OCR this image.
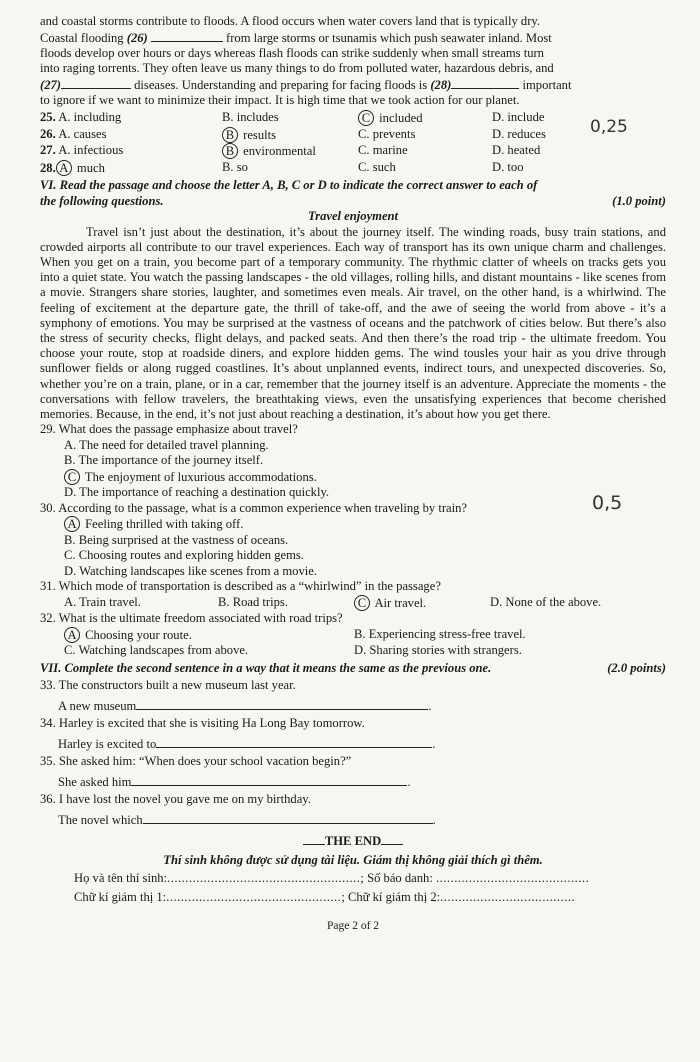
and coastal storms contribute to floods. A flood occurs when water covers land that is typically dry.

Coastal flooding (26)	from large storms or tsunamis which push seawater inland. Most

floods develop over hours or days whereas flash floods can strike suddenly when small streams turn

into raging torrents. They often leave us many things to do from polluted water, hazardous debris, and

(27)	diseases. Understanding and preparing for facing floods is (28)	important

to ignore if we want to minimize their impact. It is high time that we took action for our planet.

25. A. including	B. includes	C included	D. include
26. A. causes	B results	C. prevents	D. reduces
27. A. infectious	B environmental	C. marine	D. heated
28. A much	B. so	C. such	D. too

VI. Read the passage and choose the letter A, B, C or D to indicate the correct answer to each of

the following questions.	(1.0 point)

Travel enjoyment

Travel isn’t just about the destination, it’s about the journey itself. The winding roads, busy train stations, and crowded airports all contribute to our travel experiences. Each way of transport has its own unique charm and challenges. When you get on a train, you become part of a temporary community. The rhythmic clatter of wheels on tracks gets you into a quiet state. You watch the passing landscapes - the old villages, rolling hills, and distant mountains - like scenes from a movie. Strangers share stories, laughter, and sometimes even meals. Air travel, on the other hand, is a whirlwind. The feeling of excitement at the departure gate, the thrill of take-off, and the awe of seeing the world from above - it’s a symphony of emotions. You may be surprised at the vastness of oceans and the patchwork of cities below. But there’s also the stress of security checks, flight delays, and packed seats. And then there’s the road trip - the ultimate freedom. You choose your route, stop at roadside diners, and explore hidden gems. The wind tousles your hair as you drive through sunflower fields or along rugged coastlines. It’s about unplanned events, indirect tours, and unexpected discoveries. So, whether you’re on a train, plane, or in a car, remember that the journey itself is an adventure. Appreciate the moments - the conversations with fellow travelers, the breathtaking views, even the unsatisfying experiences that become cherished memories. Because, in the end, it’s not just about reaching a destination, it’s about how you get there.

29. What does the passage emphasize about travel?

A. The need for detailed travel planning.

B. The importance of the journey itself.

C The enjoyment of luxurious accommodations.

D. The importance of reaching a destination quickly.

30. According to the passage, what is a common experience when traveling by train?

A Feeling thrilled with taking off.

B. Being surprised at the vastness of oceans.

C. Choosing routes and exploring hidden gems.

D. Watching landscapes like scenes from a movie.

31. Which mode of transportation is described as a “whirlwind” in the passage?

A. Train travel.	B. Road trips.	C Air travel.	D. None of the above.

32. What is the ultimate freedom associated with road trips?

A Choosing your route.	B. Experiencing stress-free travel.
C. Watching landscapes from above.	D. Sharing stories with strangers.
VII. Complete the second sentence in a way that it means the same as the previous one.	(2.0 points)

33. The constructors built a new museum last year.

A new museum	.

34. Harley is excited that she is visiting Ha Long Bay tomorrow.

Harley is excited to	.

35. She asked him: “When does your school vacation begin?”

She asked him	.

36. I have lost the novel you gave me on my birthday.

The novel which	.

THE END

Thí sinh không được sử dụng tài liệu. Giám thị không giải thích gì thêm.

Họ và tên thí sinh:.....................................................; Số báo danh: ..........................................

Chữ kí giám thị 1:................................................; Chữ kí giám thị 2:.....................................

Page 2 of 2

0,25
0,5
